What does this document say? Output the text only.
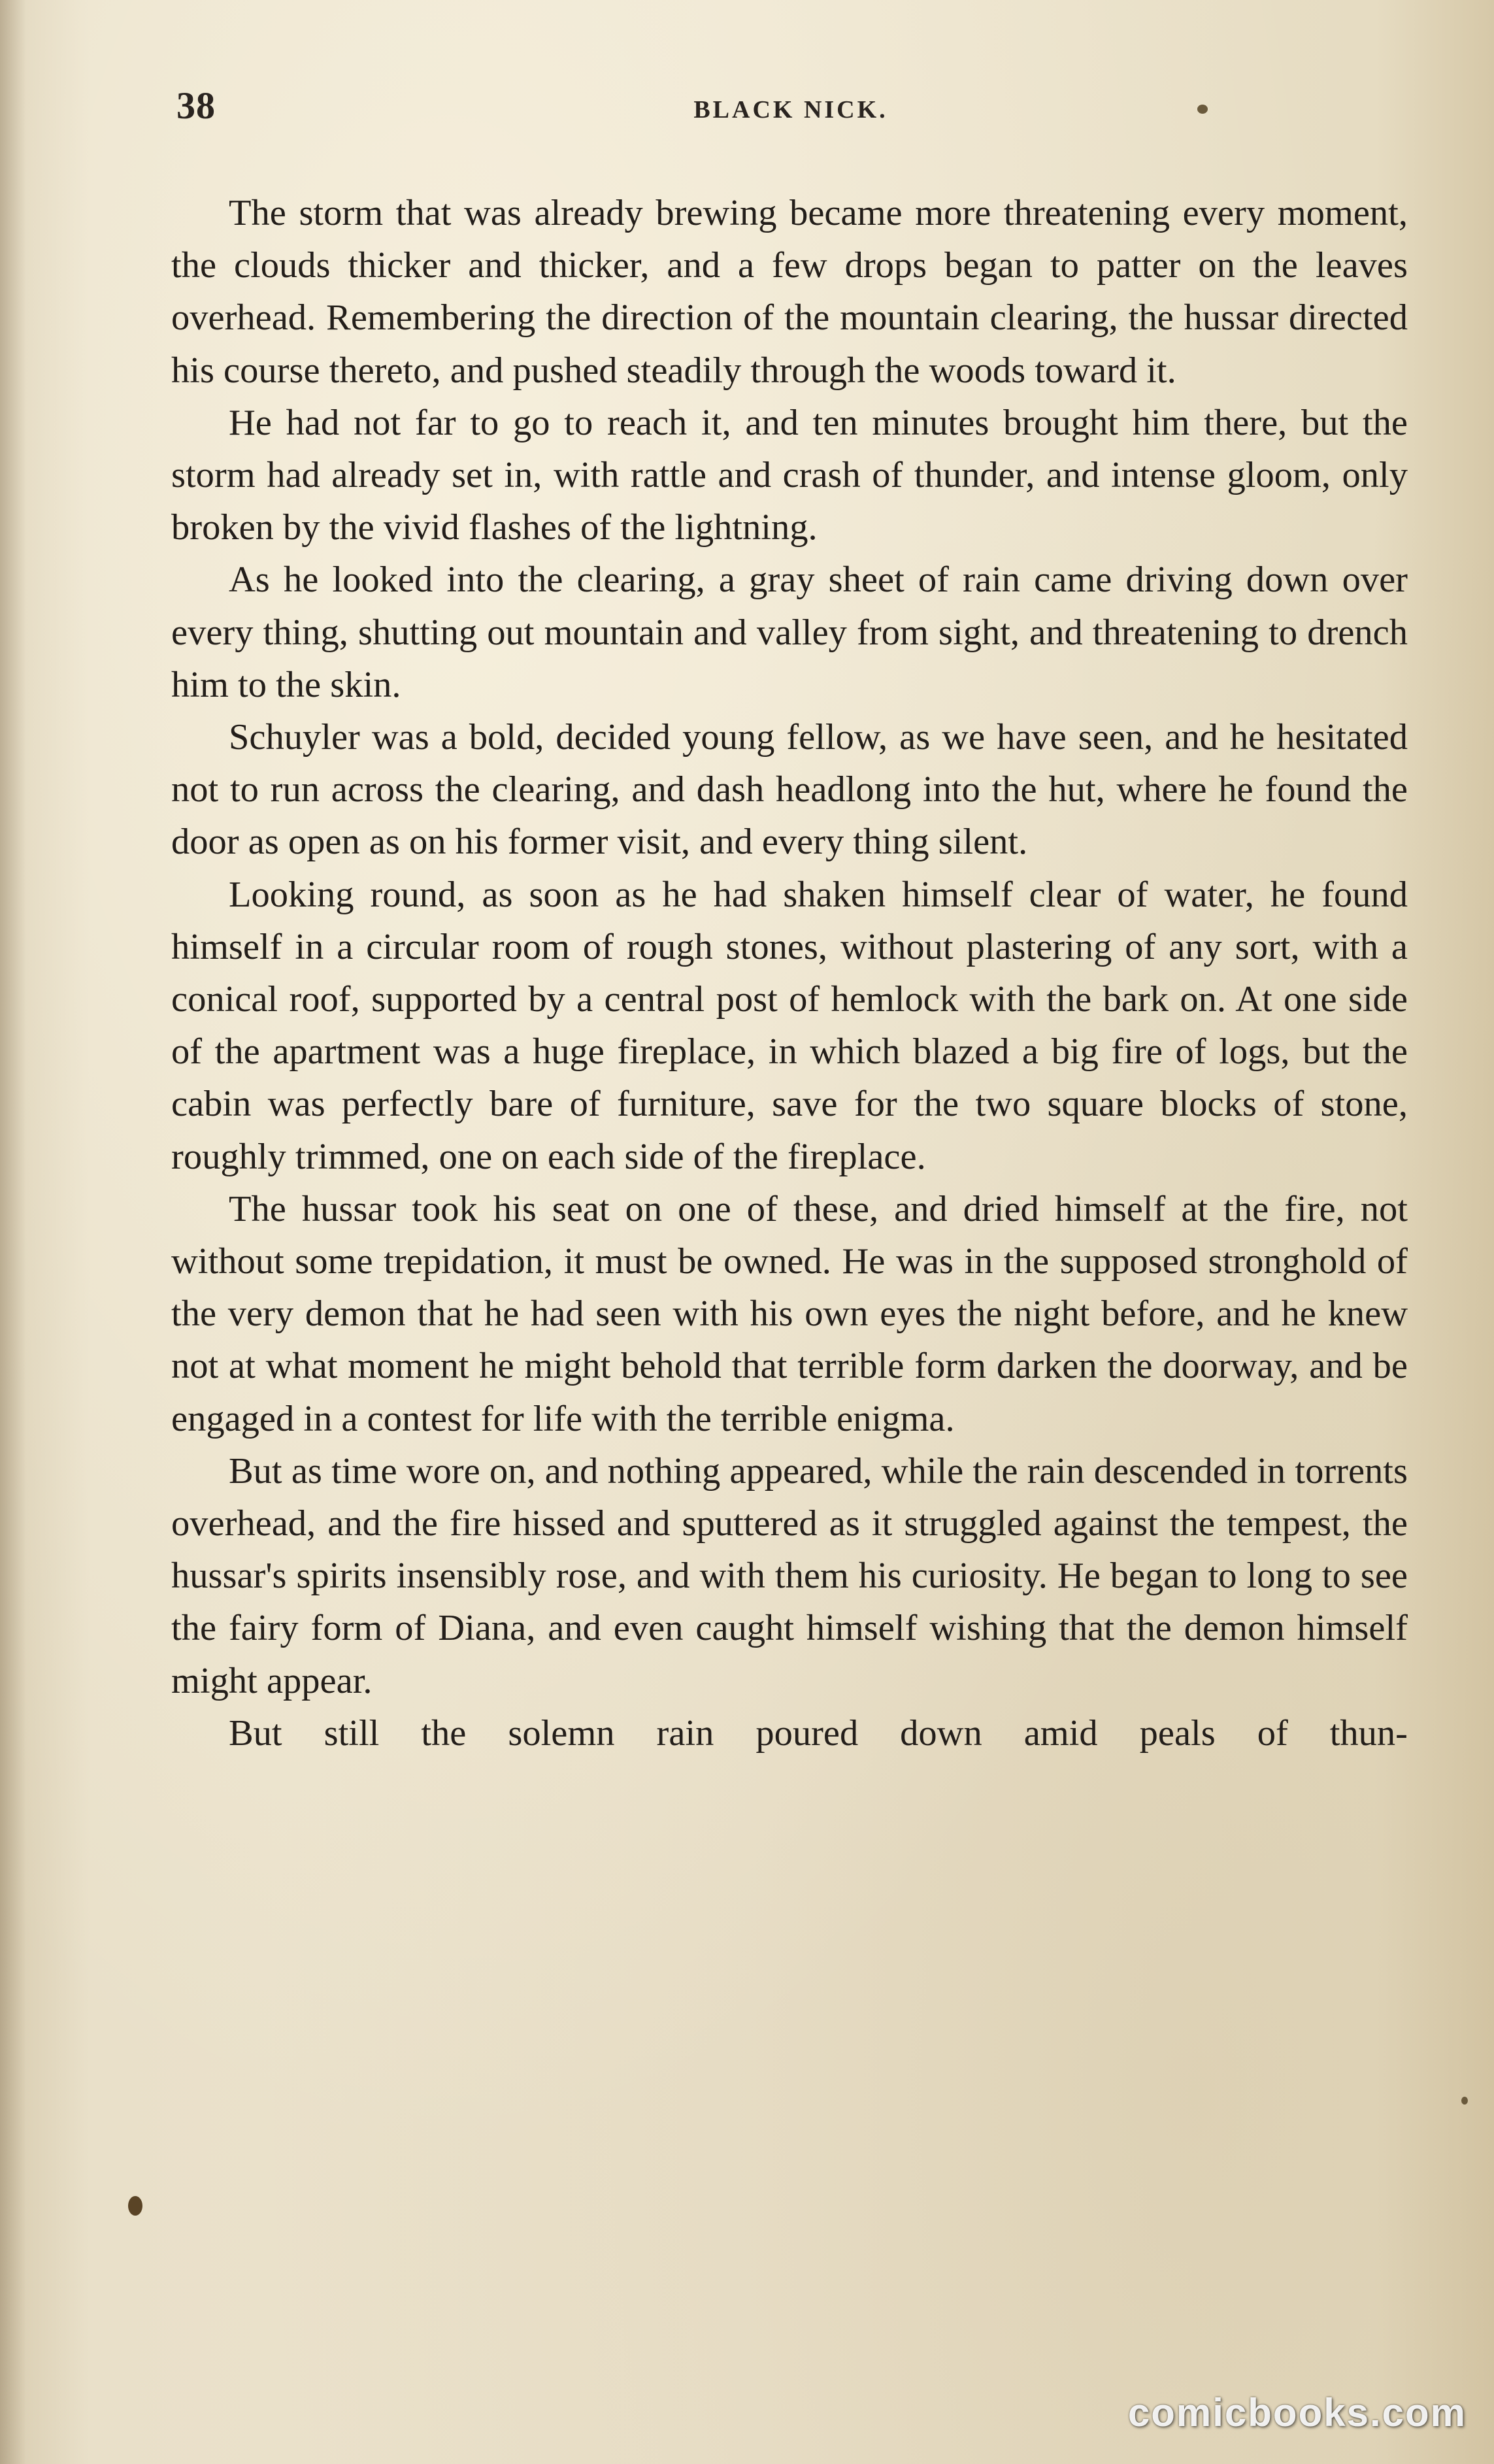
38	BLACK NICK.

The storm that was already brewing became more threatening every moment, the clouds thicker and thicker, and a few drops began to patter on the leaves overhead. Remembering the direction of the mountain clearing, the hussar directed his course thereto, and pushed steadily through the woods toward it.

He had not far to go to reach it, and ten minutes brought him there, but the storm had already set in, with rattle and crash of thunder, and intense gloom, only broken by the vivid flashes of the lightning.

As he looked into the clearing, a gray sheet of rain came driving down over every thing, shutting out mountain and valley from sight, and threatening to drench him to the skin.

Schuyler was a bold, decided young fellow, as we have seen, and he hesitated not to run across the clearing, and dash headlong into the hut, where he found the door as open as on his former visit, and every thing silent.

Looking round, as soon as he had shaken himself clear of water, he found himself in a circular room of rough stones, without plastering of any sort, with a conical roof, supported by a central post of hemlock with the bark on. At one side of the apartment was a huge fireplace, in which blazed a big fire of logs, but the cabin was perfectly bare of furniture, save for the two square blocks of stone, roughly trimmed, one on each side of the fireplace.

The hussar took his seat on one of these, and dried himself at the fire, not without some trepidation, it must be owned. He was in the supposed stronghold of the very demon that he had seen with his own eyes the night before, and he knew not at what moment he might behold that terrible form darken the doorway, and be engaged in a contest for life with the terrible enigma.

But as time wore on, and nothing appeared, while the rain descended in torrents overhead, and the fire hissed and sputtered as it struggled against the tempest, the hussar's spirits insensibly rose, and with them his curiosity. He began to long to see the fairy form of Diana, and even caught himself wishing that the demon himself might appear.

But still the solemn rain poured down amid peals of thun-

comicbooks.com
